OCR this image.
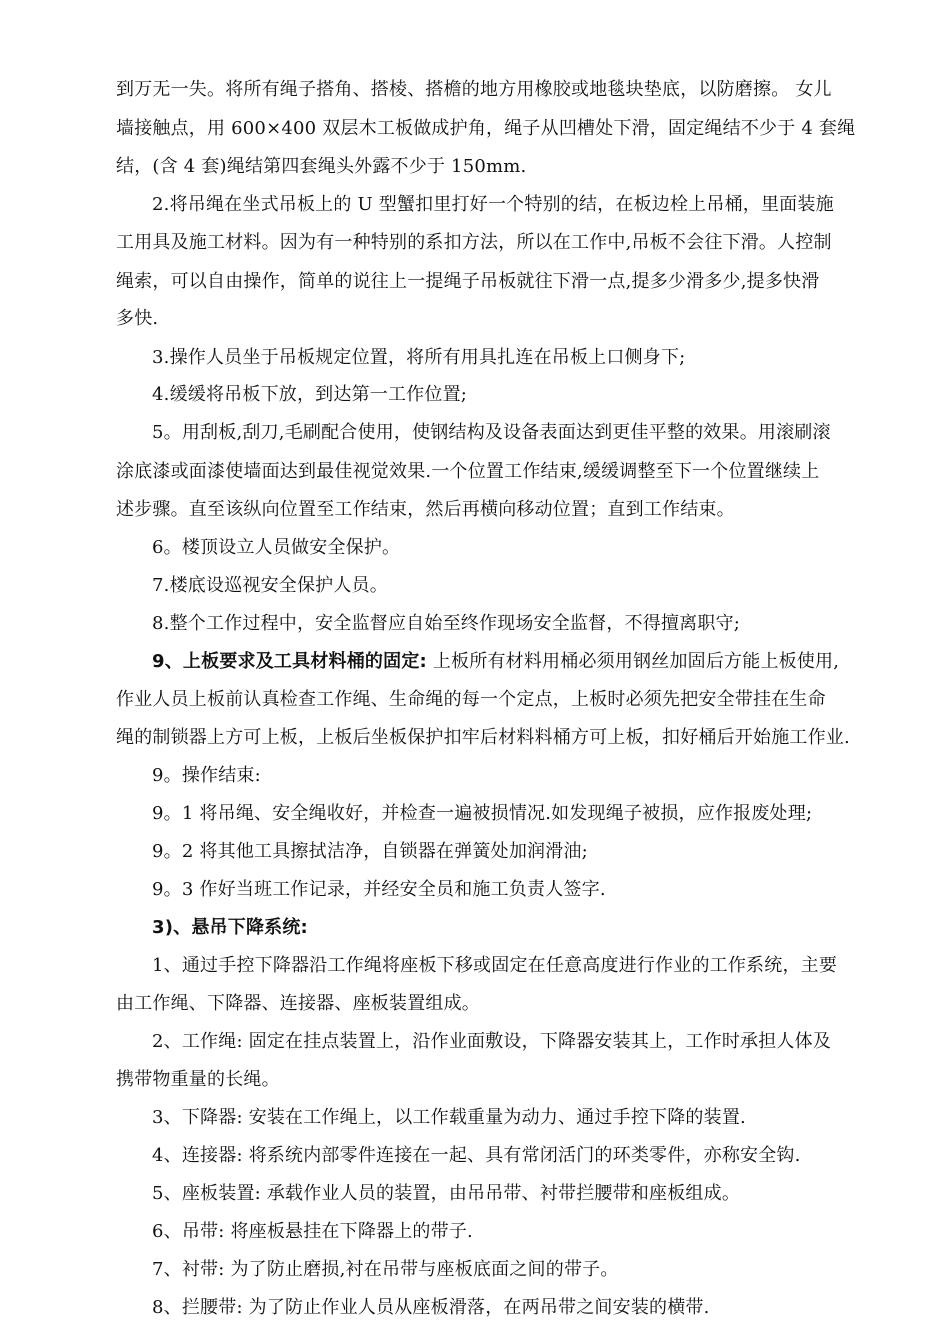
到万无一失。将所有绳子搭角、搭棱、搭檐的地方用橡胶或地毯块垫底，以防磨擦。 女儿
墙接触点，用 600×400 双层木工板做成护角，绳子从凹槽处下滑，固定绳结不少于 4 套绳
结，(含 4 套)绳结第四套绳头外露不少于 150mm.
2.将吊绳在坐式吊板上的 U 型蟹扣里打好一个特别的结，在板边栓上吊桶，里面装施
工用具及施工材料。因为有一种特别的系扣方法，所以在工作中,吊板不会往下滑。人控制
绳索，可以自由操作，简单的说往上一提绳子吊板就往下滑一点,提多少滑多少,提多快滑
多快.
3.操作人员坐于吊板规定位置，将所有用具扎连在吊板上口侧身下;
4.缓缓将吊板下放，到达第一工作位置;
5。用刮板,刮刀,毛刷配合使用，使钢结构及设备表面达到更佳平整的效果。用滚刷滚
涂底漆或面漆使墙面达到最佳视觉效果.一个位置工作结束,缓缓调整至下一个位置继续上
述步骤。直至该纵向位置至工作结束，然后再横向移动位置；直到工作结束。
6。楼顶设立人员做安全保护。
7.楼底设巡视安全保护人员。
8.整个工作过程中，安全监督应自始至终作现场安全监督，不得擅离职守;
9、上板要求及工具材料桶的固定: 上板所有材料用桶必须用钢丝加固后方能上板使用,
作业人员上板前认真检查工作绳、生命绳的每一个定点，上板时必须先把安全带挂在生命
绳的制锁器上方可上板，上板后坐板保护扣牢后材料料桶方可上板，扣好桶后开始施工作业.
9。操作结束:
9。1 将吊绳、安全绳收好，并检查一遍被损情况.如发现绳子被损，应作报废处理;
9。2 将其他工具擦拭洁净，自锁器在弹簧处加润滑油;
9。3 作好当班工作记录，并经安全员和施工负责人签字.
3)、悬吊下降系统:
1、通过手控下降器沿工作绳将座板下移或固定在任意高度进行作业的工作系统，主要
由工作绳、下降器、连接器、座板装置组成。
2、工作绳: 固定在挂点装置上，沿作业面敷设，下降器安装其上，工作时承担人体及
携带物重量的长绳。
3、下降器: 安装在工作绳上，以工作载重量为动力、通过手控下降的装置.
4、连接器: 将系统内部零件连接在一起、具有常闭活门的环类零件，亦称安全钩.
5、座板装置: 承载作业人员的装置，由吊吊带、衬带拦腰带和座板组成。
6、吊带: 将座板悬挂在下降器上的带子.
7、衬带: 为了防止磨损,衬在吊带与座板底面之间的带子。
8、拦腰带: 为了防止作业人员从座板滑落，在两吊带之间安装的横带.
